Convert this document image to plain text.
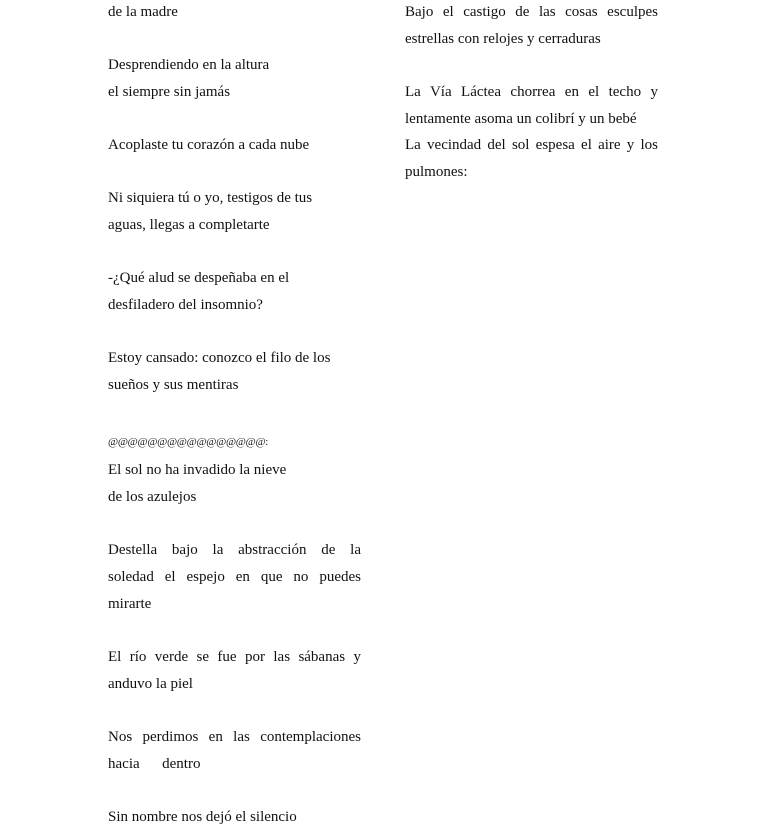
de la madre
Desprendiendo en la altura
el siempre sin jamás
Acoplaste tu corazón a cada nube
Ni siquiera tú o yo, testigos de tus
aguas, llegas a completarte
-¿Qué alud se despeñaba en el
desfiladero del insomnio?
Estoy cansado: conozco el filo de los
sueños y sus mentiras
@@@@@@@@@@@@@@@@:
El sol no ha invadido la nieve
de los azulejos
Destella bajo la abstracción de la
soledad el espejo en que no puedes
mirarte
El río verde se fue por las sábanas y
anduvo la piel
Nos perdimos en las contemplaciones
hacia      dentro
Sin nombre nos dejó el silencio
Bajo el castigo de las cosas esculpes
estrellas con relojes y cerraduras
La Vía Láctea chorrea en el techo y
lentamente asoma un colibrí y un bebé
La vecindad del sol espesa el aire y los
pulmones:
